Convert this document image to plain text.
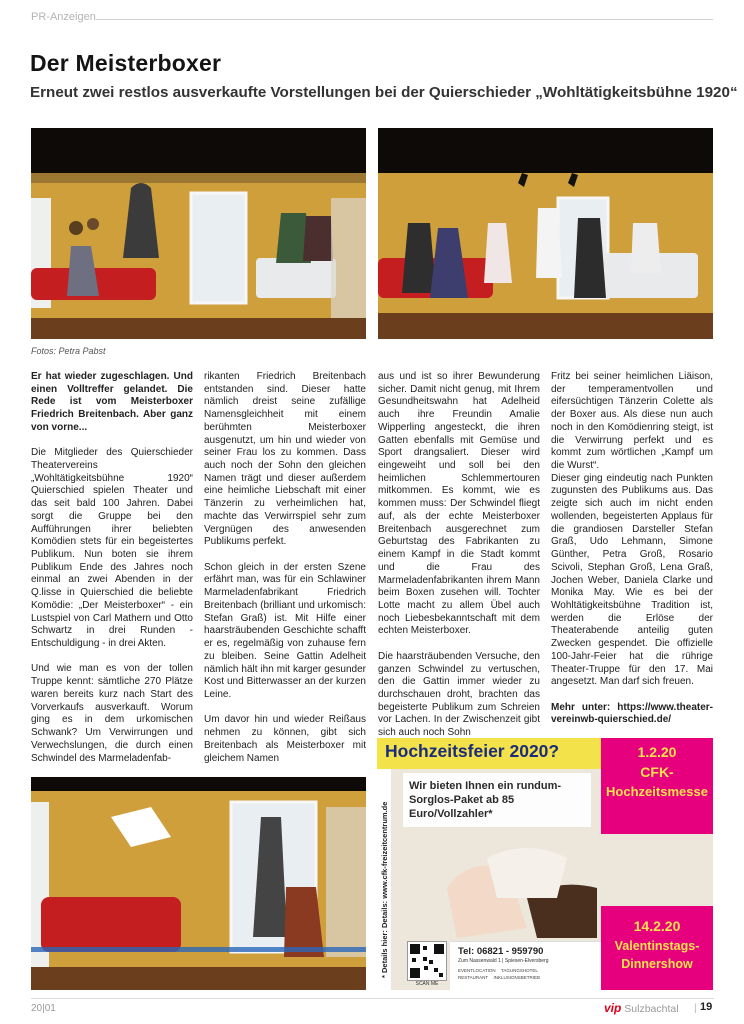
PR-Anzeigen
Der Meisterboxer
Erneut zwei restlos ausverkaufte Vorstellungen bei der Quierschieder „Wohltätigkeitsbühne 1920“
Fotos: Petra Pabst

Er hat wieder zugeschlagen. Und einen Volltreffer gelandet. Die Rede ist vom Meisterboxer Friedrich Breitenbach. Aber ganz von vorne...

Die Mitglieder des Quierschieder Theatervereins „Wohltätigkeitsbühne 1920“ Quierschied spielen Theater und das seit bald 100 Jahren. Dabei sorgt die Gruppe bei den Aufführungen ihrer beliebten Komödien stets für ein begeistertes Publikum. Nun boten sie ihrem Publikum Ende des Jahres noch einmal an zwei Abenden in der Q.lisse in Quierschied die beliebte Komödie: „Der Meisterboxer“ - ein Lustspiel von Carl Mathern und Otto Schwartz in drei Runden - Entschuldigung - in drei Akten.

Und wie man es von der tollen Truppe kennt: sämtliche 270 Plätze waren bereits kurz nach Start des Vorverkaufs ausverkauft. Worum ging es in dem urkomischen Schwank? Um Verwirrungen und Verwechslungen, die durch einen Schwindel des Marmeladenfab-

rikanten Friedrich Breitenbach entstanden sind. Dieser hatte nämlich dreist seine zufällige Namensgleichheit mit einem berühmten Meisterboxer ausgenutzt, um hin und wieder von seiner Frau los zu kommen. Dass auch noch der Sohn den gleichen Namen trägt und dieser außerdem eine heimliche Liebschaft mit einer Tänzerin zu verheimlichen hat, machte das Verwirrspiel sehr zum Vergnügen des anwesenden Publikums perfekt.

Schon gleich in der ersten Szene erfährt man, was für ein Schlawiner Marmeladenfabrikant Friedrich Breitenbach (brilliant und urkomisch: Stefan Graß) ist. Mit Hilfe einer haarsträubenden Geschichte schafft er es, regelmäßig von zuhause fern zu bleiben. Seine Gattin Adelheit nämlich hält ihn mit karger gesunder Kost und Bitterwasser an der kurzen Leine.

Um davor hin und wieder Reißaus nehmen zu können, gibt sich Breitenbach als Meisterboxer mit gleichem Namen

aus und ist so ihrer Bewunderung sicher. Damit nicht genug, mit Ihrem Gesundheitswahn hat Adelheid auch ihre Freundin Amalie Wipperling angesteckt, die ihren Gatten ebenfalls mit Gemüse und Sport drangsaliert. Dieser wird eingeweiht und soll bei den heimlichen Schlemmertouren mitkommen. Es kommt, wie es kommen muss: Der Schwindel fliegt auf, als der echte Meisterboxer Breitenbach ausgerechnet zum Geburtstag des Fabrikanten zu einem Kampf in die Stadt kommt und die Frau des Marmeladenfabrikanten ihrem Mann beim Boxen zusehen will. Tochter Lotte macht zu allem Übel auch noch Liebesbekanntschaft mit dem echten Meisterboxer.

Die haarsträubenden Versuche, den ganzen Schwindel zu vertuschen, den die Gattin immer wieder zu durchschauen droht, brachten das begeisterte Publikum zum Schreien vor Lachen. In der Zwischenzeit gibt sich auch noch Sohn

Fritz bei seiner heimlichen Liäison, der temperamentvollen und eifersüchtigen Tänzerin Colette als der Boxer aus. Als diese nun auch noch in den Komödienring steigt, ist die Verwirrung perfekt und es kommt zum wörtlichen „Kampf um die Wurst“.

Dieser ging eindeutig nach Punkten zugunsten des Publikums aus. Das zeigte sich auch im nicht enden wollenden, begeisterten Applaus für die grandiosen Darsteller Stefan Graß, Udo Lehmann, Simone Günther, Petra Groß, Rosario Scivoli, Stephan Groß, Lena Graß, Jochen Weber, Daniela Clarke und Monika May. Wie es bei der Wohltätigkeitsbühne Tradition ist, werden die Erlöse der Theaterabende anteilig guten Zwecken gespendet. Die offizielle 100-Jahr-Feier hat die rührige Theater-Truppe für den 17. Mai angesetzt. Man darf sich freuen.

Mehr unter: https://www.theater-vereinwb-quierschied.de/

* Details hier: Details: www.cfk-freizeitcentrum.de
Hochzeitsfeier 2020?	1.2.20
CFK-
Hochzeitsmesse
Wir bieten Ihnen ein rundum-Sorglos-Paket ab 85 Euro/Vollzahler*
14.2.20
Valentinstags-
Dinnershow
SCAN ME
Tel: 06821 - 959790
Zum Nassenwald 1 | Spiesen-Elversberg
EVENTLOCATION TAGUNGSHOTEL
RESTAURANT INKLUSIONSBETRIEB
20|01	vip Sulzbachtal | 19
